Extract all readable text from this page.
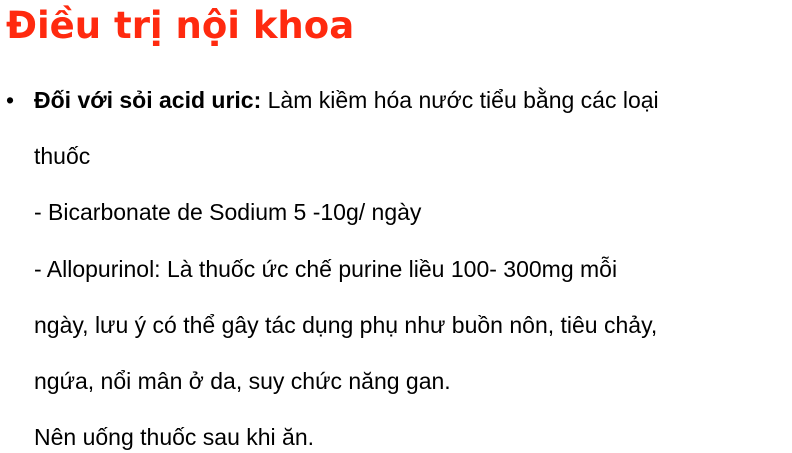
Điều trị nội khoa
• Đối với sỏi acid uric: Làm kiềm hóa nước tiểu bằng các loại
thuốc
- Bicarbonate de Sodium 5 -10g/ ngày
- Allopurinol: Là thuốc ức chế purine liều 100- 300mg mỗi
ngày, lưu ý có thể gây tác dụng phụ như buồn nôn, tiêu chảy,
ngứa, nổi mân ở da, suy chức năng gan.
Nên uống thuốc sau khi ăn.
